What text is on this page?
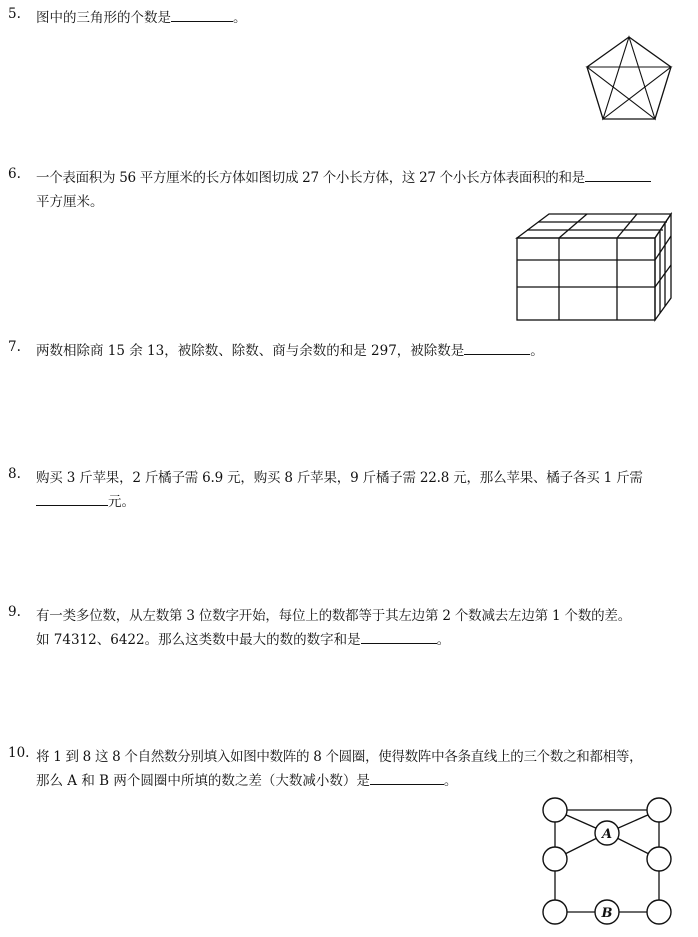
5. 图中的三角形的个数是	。
6. 一个表面积为 56 平方厘米的长方体如图切成 27 个小长方体，这 27 个小长方体表面积的和是
平方厘米。
7. 两数相除商 15 余 13，被除数、除数、商与余数的和是 297，被除数是	。
8. 购买 3 斤苹果，2 斤橘子需 6.9 元，购买 8 斤苹果，9 斤橘子需 22.8 元，那么苹果、橘子各买 1 斤需
元。
9. 有一类多位数，从左数第 3 位数字开始，每位上的数都等于其左边第 2 个数减去左边第 1 个数的差。
如 74312、6422。那么这类数中最大的数的数字和是	。
10. 将 1 到 8 这 8 个自然数分别填入如图中数阵的 8 个圆圈，使得数阵中各条直线上的三个数之和都相等，
那么 A 和 B 两个圆圈中所填的数之差（大数减小数）是	。
A
B
